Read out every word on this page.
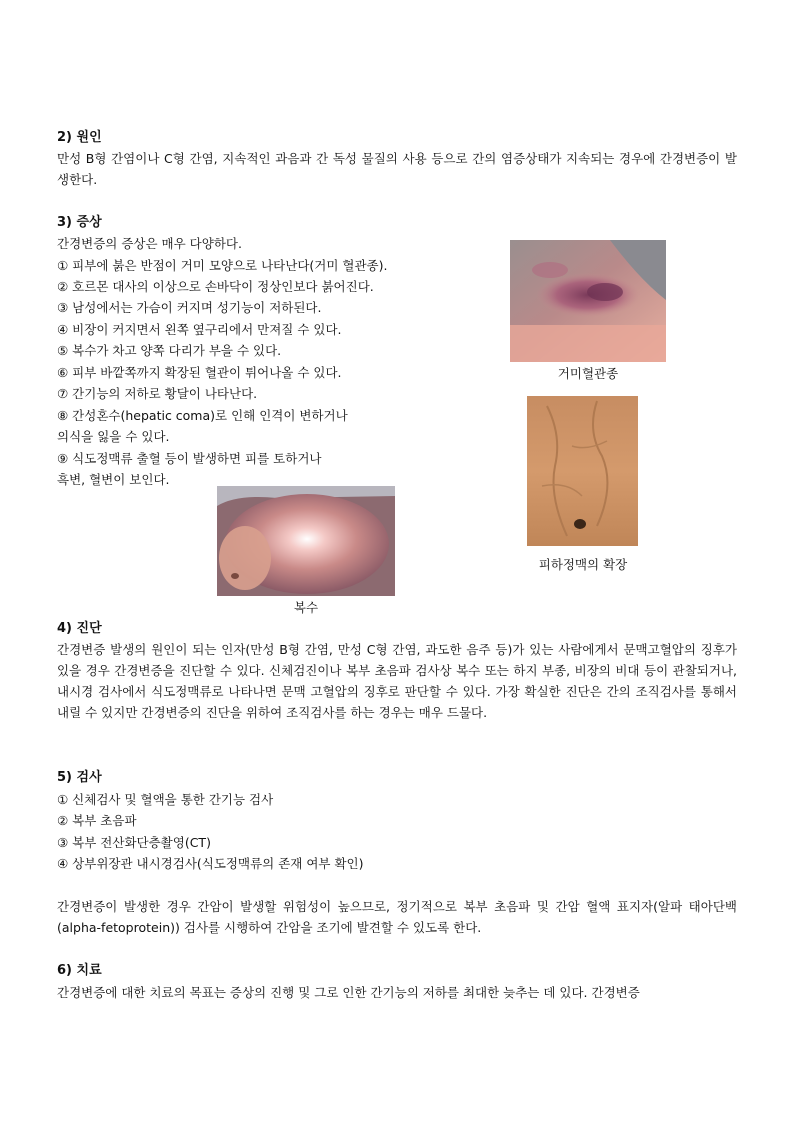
2) 원인

만성 B형 간염이나 C형 간염, 지속적인 과음과 간 독성 물질의 사용 등으로 간의 염증상태가 지속되는 경우에 간경변증이 발생한다.

3) 증상

간경변증의 증상은 매우 다양하다.

① 피부에 붉은 반점이 거미 모양으로 나타난다(거미 혈관종).

② 호르몬 대사의 이상으로 손바닥이 정상인보다 붉어진다.

③ 남성에서는 가슴이 커지며 성기능이 저하된다.

④ 비장이 커지면서 왼쪽 옆구리에서 만져질 수 있다.

⑤ 복수가 차고 양쪽 다리가 부을 수 있다.

⑥ 피부 바깥쪽까지 확장된 혈관이 튀어나올 수 있다.

⑦ 간기능의 저하로 황달이 나타난다.

⑧ 간성혼수(hepatic coma)로 인해 인격이 변하거나

의식을 잃을 수 있다.

⑨ 식도정맥류 출혈 등이 발생하면 피를 토하거나

흑변, 혈변이 보인다.

거미혈관종
피하정맥의 확장
복수

4) 진단

간경변증 발생의 원인이 되는 인자(만성 B형 간염, 만성 C형 간염, 과도한 음주 등)가 있는 사람에게서 문맥고혈압의 징후가 있을 경우 간경변증을 진단할 수 있다. 신체검진이나 복부 초음파 검사상 복수 또는 하지 부종, 비장의 비대 등이 관찰되거나, 내시경 검사에서 식도정맥류로 나타나면 문맥 고혈압의 징후로 판단할 수 있다. 가장 확실한 진단은 간의 조직검사를 통해서 내릴 수 있지만 간경변증의 진단을 위하여 조직검사를 하는 경우는 매우 드물다.

5) 검사

① 신체검사 및 혈액을 통한 간기능 검사

② 복부 초음파

③ 복부 전산화단층촬영(CT)

④ 상부위장관 내시경검사(식도정맥류의 존재 여부 확인)

간경변증이 발생한 경우 간암이 발생할 위험성이 높으므로, 정기적으로 복부 초음파 및 간암 혈액 표지자(알파 태아단백(alpha-fetoprotein)) 검사를 시행하여 간암을 조기에 발견할 수 있도록 한다.

6) 치료

간경변증에 대한 치료의 목표는 증상의 진행 및 그로 인한 간기능의 저하를 최대한 늦추는 데 있다. 간경변증
